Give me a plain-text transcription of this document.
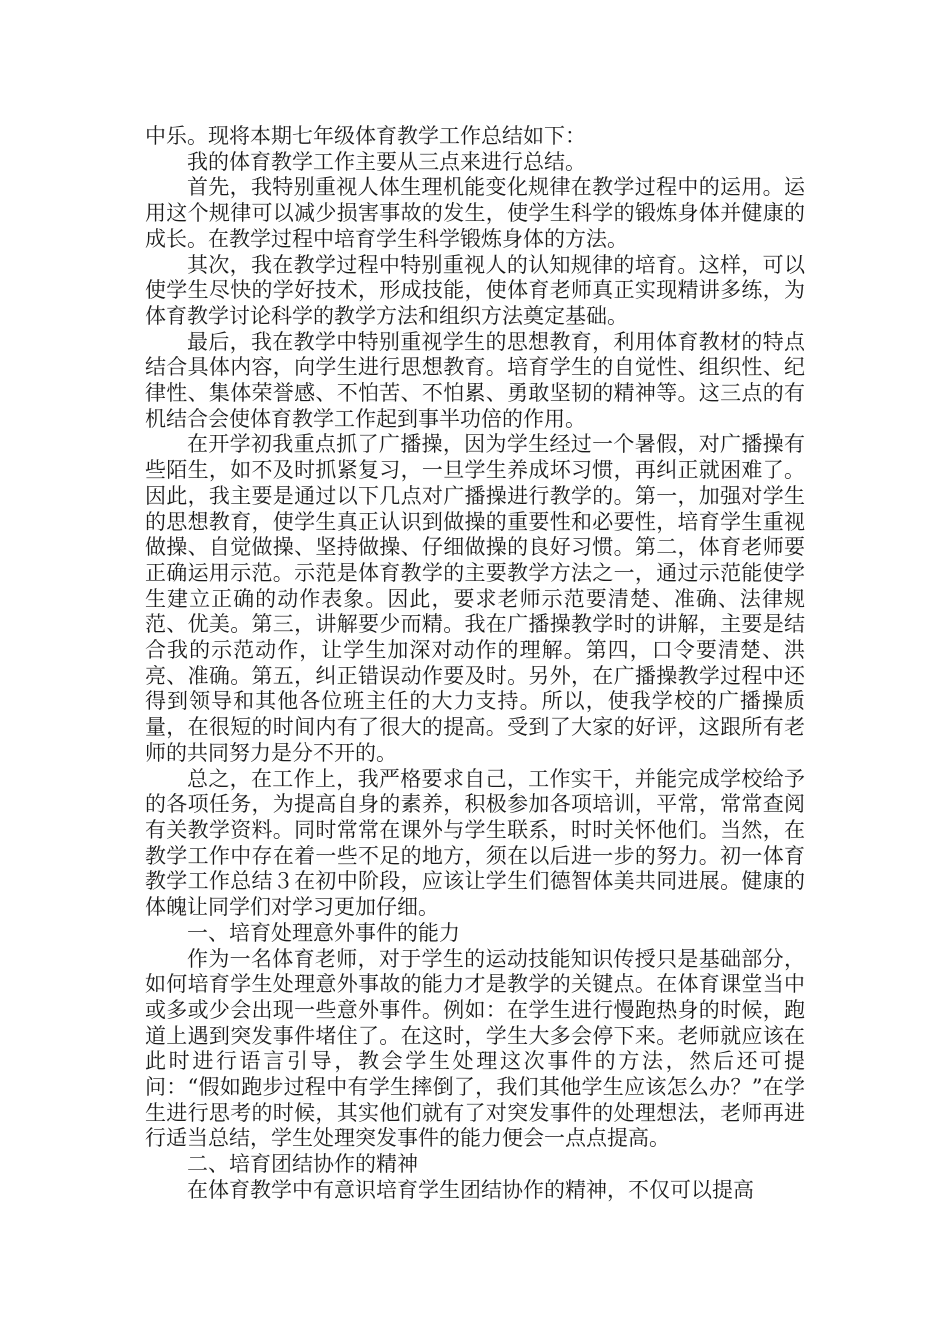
中乐。现将本期七年级体育教学工作总结如下：

我的体育教学工作主要从三点来进行总结。

首先，我特别重视人体生理机能变化规律在教学过程中的运用。运用这个规律可以减少损害事故的发生，使学生科学的锻炼身体并健康的成长。在教学过程中培育学生科学锻炼身体的方法。

其次，我在教学过程中特别重视人的认知规律的培育。这样，可以使学生尽快的学好技术，形成技能，使体育老师真正实现精讲多练，为体育教学讨论科学的教学方法和组织方法奠定基础。

最后，我在教学中特别重视学生的思想教育，利用体育教材的特点结合具体内容，向学生进行思想教育。培育学生的自觉性、组织性、纪律性、集体荣誉感、不怕苦、不怕累、勇敢坚韧的精神等。这三点的有机结合会使体育教学工作起到事半功倍的作用。

在开学初我重点抓了广播操，因为学生经过一个暑假，对广播操有些陌生，如不及时抓紧复习，一旦学生养成坏习惯，再纠正就困难了。因此，我主要是通过以下几点对广播操进行教学的。第一，加强对学生的思想教育，使学生真正认识到做操的重要性和必要性，培育学生重视做操、自觉做操、坚持做操、仔细做操的良好习惯。第二，体育老师要正确运用示范。示范是体育教学的主要教学方法之一，通过示范能使学生建立正确的动作表象。因此，要求老师示范要清楚、准确、法律规范、优美。第三，讲解要少而精。我在广播操教学时的讲解，主要是结合我的示范动作，让学生加深对动作的理解。第四，口令要清楚、洪亮、准确。第五，纠正错误动作要及时。另外，在广播操教学过程中还得到领导和其他各位班主任的大力支持。所以，使我学校的广播操质量，在很短的时间内有了很大的提高。受到了大家的好评，这跟所有老师的共同努力是分不开的。

总之，在工作上，我严格要求自己，工作实干，并能完成学校给予的各项任务，为提高自身的素养，积极参加各项培训，平常，常常查阅有关教学资料。同时常常在课外与学生联系，时时关怀他们。当然，在教学工作中存在着一些不足的地方，须在以后进一步的努力。初一体育教学工作总结３在初中阶段，应该让学生们德智体美共同进展。健康的体魄让同学们对学习更加仔细。

一、培育处理意外事件的能力

作为一名体育老师，对于学生的运动技能知识传授只是基础部分，如何培育学生处理意外事故的能力才是教学的关键点。在体育课堂当中或多或少会出现一些意外事件。例如：在学生进行慢跑热身的时候，跑道上遇到突发事件堵住了。在这时，学生大多会停下来。老师就应该在此时进行语言引导，教会学生处理这次事件的方法，然后还可提问：“假如跑步过程中有学生摔倒了，我们其他学生应该怎么办？”在学生进行思考的时候，其实他们就有了对突发事件的处理想法，老师再进行适当总结，学生处理突发事件的能力便会一点点提高。

二、培育团结协作的精神

在体育教学中有意识培育学生团结协作的精神，不仅可以提高
